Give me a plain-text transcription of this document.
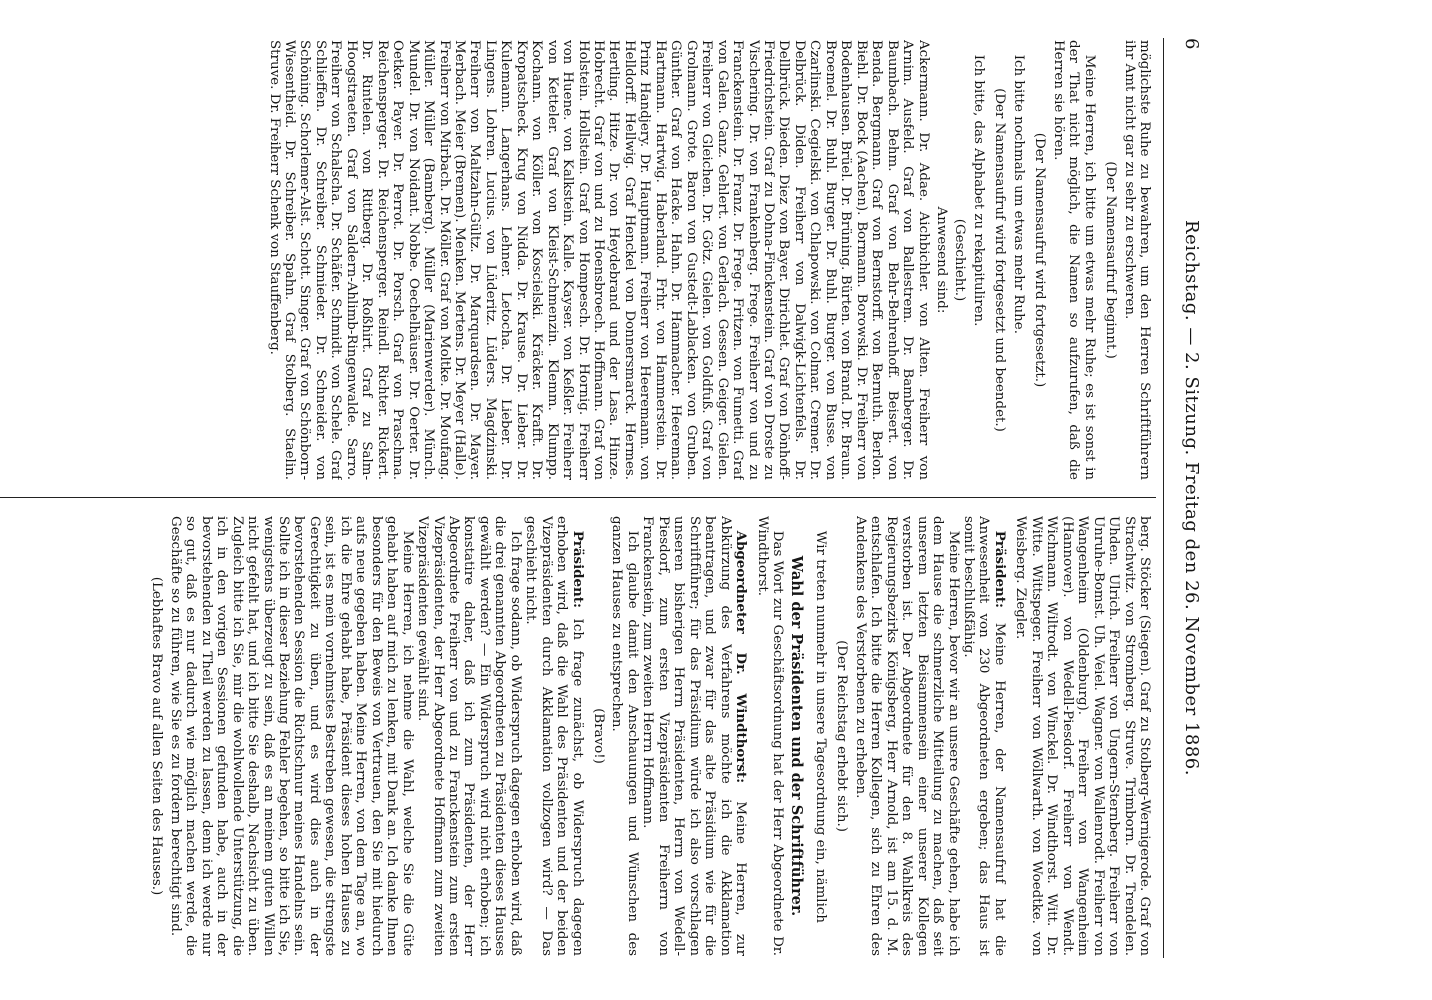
6
Reichstag. — 2. Sitzung. Freitag den 26. November 1886.

möglichste Ruhe zu bewahren, um den Herren Schriftführern ihr Amt nicht gar zu sehr zu erschweren.

(Der Namensaufruf beginnt.)

Meine Herren, ich bitte um etwas mehr Ruhe; es ist sonst in der That nicht möglich, die Namen so aufzurufen, daß die Herren sie hören.

(Der Namensaufruf wird fortgesetzt.)

Ich bitte nochmals um etwas mehr Ruhe.

(Der Namensaufruf wird fortgesetzt und beendet.)

Ich bitte, das Alphabet zu rekapituliren.

(Geschieht.)

Anwesend sind:

Ackermann. Dr. Adae. Aichbichler. von Alten. Freiherr von Arnim. Ausfeld. Graf von Ballestrem. Dr. Bamberger. Dr. Baumbach. Behm. Graf von Behr-Behrenhoff. Beisert. von Benda. Bergmann. Graf von Bernstorff. von Bernuth. Berlon. Biehl. Dr. Bock (Aachen). Bormann. Borowski. Dr. Freiherr von Bodenhausen. Brüel. Dr. Brüning. Bürten. von Brand. Dr. Braun. Broemel. Dr. Buhl. Burger. Dr. Buhl. Burger. von Busse. von Czarlinski. Cegielski. von Chlapowski. von Colmar. Cremer. Dr. Delbrück. Diden. Freiherr von Dalwigk-Lichtenfels. Dr. Dellbrück. Dieden. Diez von Bayer. Dirichlet. Graf von Dönhoff-Friedrichstein. Graf zu Dohna-Finckenstein. Graf von Droste zu Vischering. Dr. von Frankenberg. Frege. Freiherr von und zu Franckenstein. Dr. Franz. Dr. Frege. Fritzen. von Fumetti. Graf von Galen. Ganz. Gehlert. von Gerlach. Gessen. Geiger. Gielen. Freiherr von Gleichen. Dr. Götz. Gielen. von Goldfuß. Graf von Grolmann. Grote. Baron von Gustedt-Lablacken. von Gruben. Günther. Graf von Hacke. Hahn. Dr. Hammacher. Heereman. Hartmann. Hartwig. Haberland. Frhr. von Hammerstein. Dr. Prinz Handjery. Dr. Hauptmann. Freiherr von Heeremann. von Helldorff. Hellwig. Graf Henckel von Donnersmarck. Hermes. Hertling. Hitze. Dr. von Heydebrand und der Lasa. Hinze. Hobrecht. Graf von und zu Hoensbroech. Hoffmann. Graf von Holstein. Hollstein. Graf von Hompesch. Dr. Hornig. Freiherr von Huene. von Kalkstein. Kalle. Kayser. von Keßler. Freiherr von Ketteler. Graf von Kleist-Schmenzin. Klemm. Klumpp. Kochann. von Köller. von Koscielski. Kräcker. Krafft. Dr. Kropatscheck. Krug von Nidda. Dr. Krause. Dr. Lieber. Dr. Kulemann. Langerhans. Lehner. Letocha. Dr. Lieber. Dr. Lingens. Lohren. Lucius. von Lüderitz. Lüders. Magdzinski. Freiherr von Maltzahn-Gültz. Dr. Marquardsen. Dr. Mayer. Merbach. Meier (Bremen). Menken. Mertens. Dr. Meyer (Halle). Freiherr von Mirbach. Dr. Möller. Graf von Moltke. Dr. Moufang. Müller. Müller (Bamberg). Müller (Marienwerder). Münch. Mundel. Dr. von Noidant. Nobbe. Oechelhäuser. Dr. Oerter. Dr. Oetker. Payer. Dr. Perrot. Dr. Porsch. Graf von Praschma. Reichensperger. Dr. Reichensperger. Reindl. Richter. Rickert. Dr. Rintelen. von Rittberg. Dr. Roßhirt. Graf zu Salm-Hoogstraeten. Graf von Saldern-Ahlimb-Ringenwalde. Sarro. Freiherr von Schalscha. Dr. Schäfer. Schmidt. von Schele. Graf Schlieffen. Dr. Schreiber. Schmieder. Dr. Schneider. von Schöning. Schorlemer-Alst. Schott. Singer. Graf von Schönborn-Wiesentheid. Dr. Schreiber. Spahn. Graf Stolberg. Staelin. Struve. Dr. Freiherr Schenk von Stauffenberg.

berg. Stöcker (Siegen). Graf zu Stolberg-Wernigerode. Graf von Strachwitz. von Stromberg. Struve. Trimborn. Dr. Trendelen. Uhden. Ulrich. Freiherr von Ungern-Sternberg. Freiherr von Unruhe-Bomst. Uh. Veiel. Wagner. von Wallenrodt. Freiherr von Wangenheim (Oldenburg). Freiherr von Wangenheim (Hannover). von Wedell-Piesdorf. Freiherr von Wendt. Wichmann. Wiltrodt. von Winckel. Dr. Windthorst. Witt. Dr. Witte. Wittspeger. Freiherr von Wöllwarth. von Woedtke. von Weisberg. Ziegler.

Präsident: Meine Herren, der Namensaufruf hat die Anwesenheit von 230 Abgeordneten ergeben; das Haus ist somit beschlußfähig.

Meine Herren, bevor wir an unsere Geschäfte gehen, habe ich dem Hause die schmerzliche Mitteilung zu machen, daß seit unserem letzten Beisammensein einer unserer Kollegen verstorben ist. Der Abgeordnete für den 8. Wahlkreis des Regierungsbezirks Königsberg, Herr Arnold, ist am 15. d. M. entschlafen. Ich bitte die Herren Kollegen, sich zu Ehren des Andenkens des Verstorbenen zu erheben.

(Der Reichstag erhebt sich.)

Wir treten nunmehr in unsere Tagesordnung ein, nämlich

Wahl der Präsidenten und der Schriftführer.

Das Wort zur Geschäftsordnung hat der Herr Abgeordnete Dr. Windthorst.

Abgeordneter Dr. Windthorst: Meine Herren, zur Abkürzung des Verfahrens möchte ich die Akklamation beantragen, und zwar für das alte Präsidium wie für die Schriftführer; für das Präsidium würde ich also vorschlagen unseren bisherigen Herrn Präsidenten, Herrn von Wedell-Piesdorf, zum ersten Vizepräsidenten Freiherrn von Franckenstein, zum zweiten Herrn Hoffmann.

Ich glaube damit den Anschauungen und Wünschen des ganzen Hauses zu entsprechen.

(Bravo!)

Präsident: Ich frage zunächst, ob Widerspruch dagegen erhoben wird, daß die Wahl des Präsidenten und der beiden Vizepräsidenten durch Akklamation vollzogen wird? — Das geschieht nicht.

Ich frage sodann, ob Widerspruch dagegen erhoben wird, daß die drei genannten Abgeordneten zu Präsidenten dieses Hauses gewählt werden? — Ein Widerspruch wird nicht erhoben; ich konstatire daher, daß ich zum Präsidenten, der Herr Abgeordnete Freiherr von und zu Franckenstein zum ersten Vizepräsidenten, der Herr Abgeordnete Hoffmann zum zweiten Vizepräsidenten gewählt sind.

Meine Herren, ich nehme die Wahl, welche Sie die Güte gehabt haben auf mich zu lenken, mit Dank an. Ich danke Ihnen besonders für den Beweis von Vertrauen, den Sie mit hiedurch aufs neue gegeben haben. Meine Herren, von dem Tage an, wo ich die Ehre gehabt habe, Präsident dieses hohen Hauses zu sein, ist es mein vornehmstes Bestreben gewesen, die strengste Gerechtigkeit zu üben, und es wird dies auch in der bevorstehenden Session die Richtschnur meines Handelns sein. Sollte ich in dieser Beziehung Fehler begehen, so bitte ich Sie, wenigstens überzeugt zu sein, daß es an meinem guten Willen nicht gefehlt hat, und ich bitte Sie deshalb, Nachsicht zu üben. Zugleich bitte ich Sie, mir die wohlwollende Unterstützung, die ich in den vorigen Sessionen gefunden habe, auch in der bevorstehenden zu Theil werden zu lassen, denn ich werde nur so gut, daß es nur dadurch wie möglich machen werde, die Geschäfte so zu führen, wie Sie es zu fordern berechtigt sind.

(Lebhaftes Bravo auf allen Seiten des Hauses.)
